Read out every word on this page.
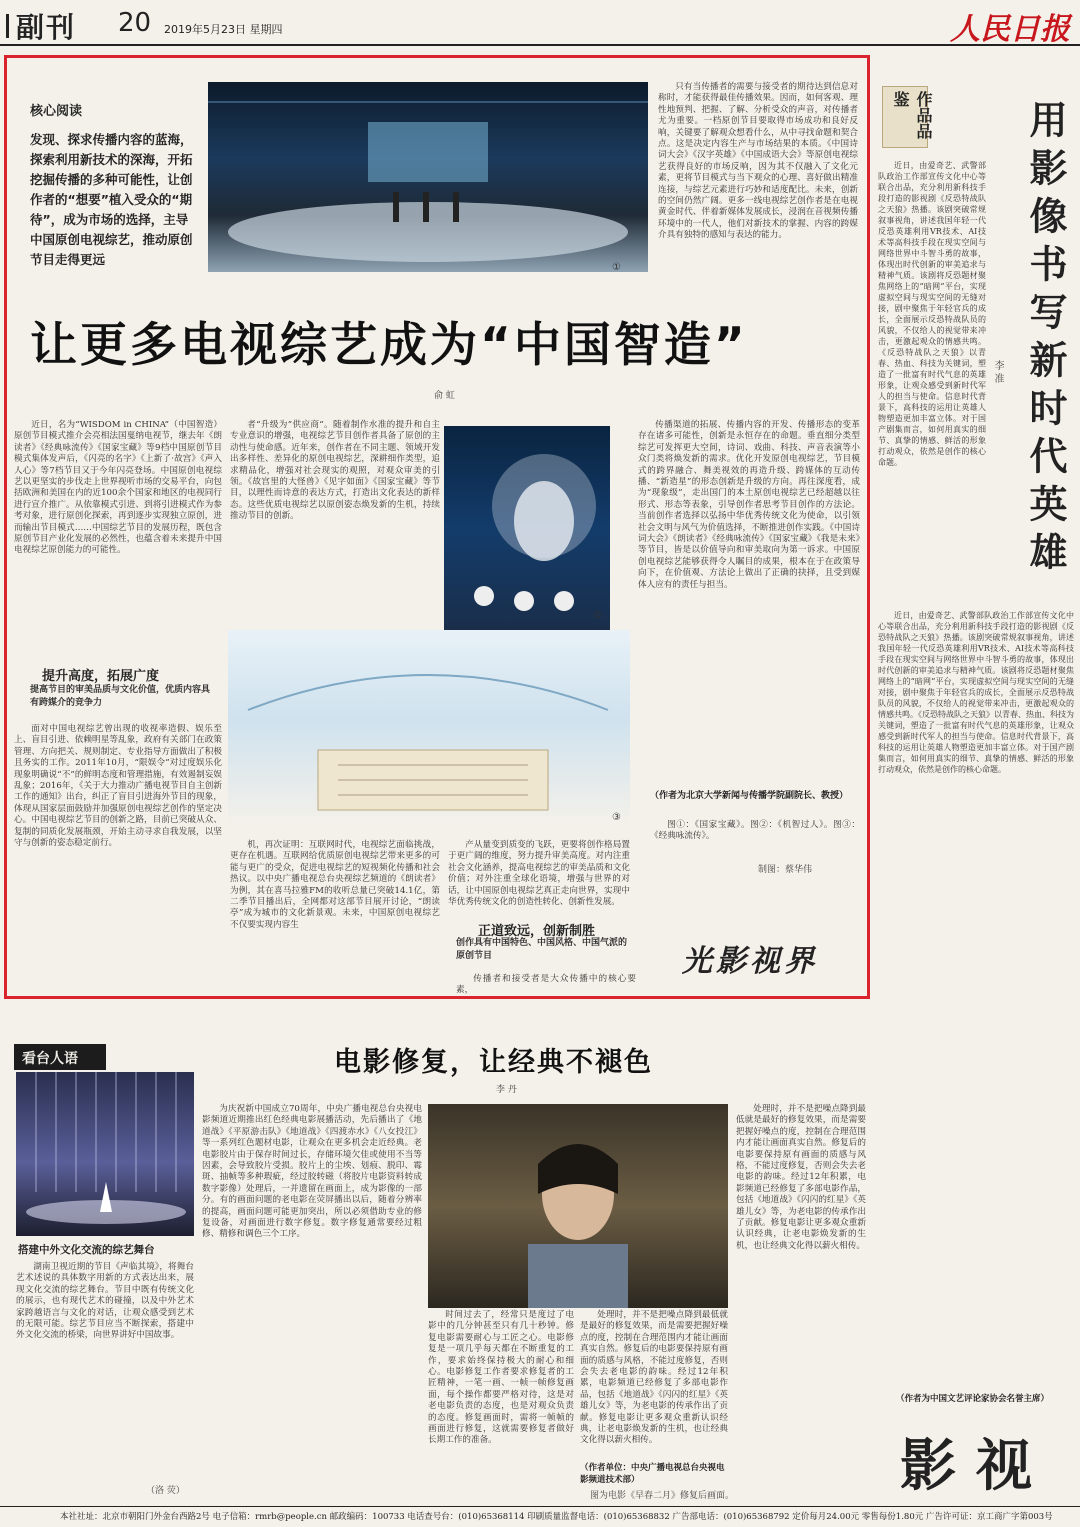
副刊 20 2019年5月23日 星期四	人民日报
核心阅读
发现、探求传播内容的蓝海，探索利用新技术的深海，开拓挖掘传播的多种可能性，让创作者的“想要”植入受众的“期待”，成为市场的选择，主导中国原创电视综艺，推动原创节目走得更远
①

只有当传播者的需要与接受者的期待达到信息对称时，才能获得最佳传播效果。因而，如何客观、理性地预判、把握、了解、分析受众的声音，对传播者尤为重要。一档原创节目要取得市场成功和良好反响，关键要了解观众想看什么，从中寻找命题和契合点。这是决定内容生产与市场结果的本质。《中国诗词大会》《汉字英雄》《中国成语大会》等原创电视综艺获得良好的市场反响，因为其不仅融入了文化元素，更将节目模式与当下观众的心理、喜好做出精准连接，与综艺元素进行巧妙和适度配比。未来，创新的空间仍然广阔。更多一线电视综艺创作者是在电视黄金时代、伴着新媒体发展成长，浸润在音视频传播环境中的一代人，他们对新技术的掌握、内容的跨媒介具有独特的感知与表达的能力。

让更多电视综艺成为“中国智造”
俞 虹

近日，名为“WISDOM in CHINA”（中国智造）原创节目模式推介会亮相法国戛纳电视节，继去年《朗读者》《经典咏流传》《国家宝藏》等9档中国原创节目模式集体发声后，《闪亮的名字》《上新了·故宫》《声入人心》等7档节目又于今年闪亮登场。中国原创电视综艺以更坚实的步伐走上世界视听市场的交易平台，向包括欧洲和美国在内的近100余个国家和地区的电视同行进行宣介推广。从依靠模式引进、到将引进模式作为参考对象，进行原创化探索，再到逐步实现独立原创，进而输出节目模式……中国综艺节目的发展历程，既包含原创节目产业化发展的必然性，也蕴含着未来提升中国电视综艺原创能力的可能性。

提升高度，拓展广度
提高节目的审美品质与文化价值，优质内容具有跨媒介的竞争力

面对中国电视综艺曾出现的收视率造假、娱乐至上、盲目引进、依赖明星等乱象，政府有关部门在政策管理、方向把关、规则制定、专业指导方面做出了积极且务实的工作。2011年10月，“限娱令”对过度娱乐化现象明确说“不”的鲜明态度和管理措施，有效遏制妄娱乱象；2016年，《关于大力推动广播电视节目自主创新工作的通知》出台，纠正了盲目引进海外节目的现象，体现从国家层面鼓励并加强原创电视综艺创作的坚定决心。中国电视综艺节目的创新之路，目前已突破从众、复制的同质化发展瓶颈，开始主动寻求自我发展，以坚守与创新的姿态稳定前行。

者“升级为”供应商“。随着制作水准的提升和自主专业意识的增强，电视综艺节目创作者具备了原创的主动性与使命感。近年来，创作者在不同主题、领域开发出多样性、差异化的原创电视综艺，深耕细作类型，追求精品化，增强对社会现实的观照，对观众审美的引领。《故宫里的大怪兽》《见字如面》《国家宝藏》等节目，以理性而诗意的表达方式，打造出文化表达的新样态。这些优质电视综艺以原创姿态焕发新的生机，持续推动节目的创新。

②
③

传播渠道的拓展、传播内容的开发、传播形态的变革存在诸多可能性，创新是永恒存在的命题。垂直细分类型综艺可发挥更大空间，诗词、戏曲、科技、声音表演等小众门类将焕发新的需求。优化开发原创电视综艺，节目模式的跨界融合、舞美视效的再造升级、跨媒体的互动传播、“新造星”的形态创新是升级的方向。再往深度看，成为“现象级”，走出国门的本土原创电视综艺已经超越以往形式、形态等表象，引导创作者思考节目创作的方法论。当前创作者选择以弘扬中华优秀传统文化为使命，以引领社会文明与风气为价值选择，不断推进创作实践。《中国诗词大会》《朗读者》《经典咏流传》《国家宝藏》《我是未来》等节目，皆是以价值导向和审美取向为第一诉求。中国原创电视综艺能够获得令人瞩目的成果，根本在于在政策导向下，在价值观、方法论上做出了正确的抉择，且受到媒体人应有的责任与担当。

（作者为北京大学新闻与传播学院副院长、教授）
图①：《国家宝藏》。图②：《机智过人》。图③：《经典咏流传》。
制图：蔡华伟

机，再次证明：互联网时代，电视综艺面临挑战，更存在机遇。互联网给优质原创电视综艺带来更多的可能与更广的受众，促进电视综艺的短视频化传播和社会热议。以中央广播电视总台央视综艺频道的《朗读者》为例，其在喜马拉雅FM的收听总量已突破14.1亿，第二季节目播出后，全网都对这部节目展开讨论，“朗读亭”成为城市的文化新景观。未来，中国原创电视综艺不仅要实现内容生

产从量变到质变的飞跃，更要将创作格局置于更广阔的维度，努力提升审美高度。对内注重社会文化涵养，提高电视综艺的审美品质和文化价值；对外注重全球化语境，增强与世界的对话，让中国原创电视综艺真正走向世界，实现中华优秀传统文化的创造性转化、创新性发展。

正道致远，创新制胜
创作具有中国特色、中国风格、中国气派的原创节目

传播者和接受者是大众传播中的核心要素，

光影视界
作品品鉴
用影像书写新时代英雄
李 准

近日，由爱奇艺、武警部队政治工作部宣传文化中心等联合出品，充分利用新科技手段打造的影视剧《反恐特战队之天狼》热播。该剧突破常规叙事视角，讲述我国年轻一代反恐英雄利用VR技术、AI技术等高科技手段在现实空间与网络世界中斗智斗勇的故事，体现出时代创新的审美追求与精神气质。该剧将反恐题材聚焦网络上的“暗网”平台，实现虚拟空间与现实空间的无缝对接，剧中聚焦于年轻官兵的成长，全面展示反恐特战队员的风貌，不仅给人的视觉带来冲击，更激起观众的情感共鸣。《反恐特战队之天狼》以青春、热血、科技为关键词，塑造了一批富有时代气息的英雄形象，让观众感受到新时代军人的担当与使命。信息时代背景下，高科技的运用让英雄人物塑造更加丰富立体。对于国产剧集而言，如何用真实的细节、真挚的情感、鲜活的形象打动观众，依然是创作的核心命题。

近日，由爱奇艺、武警部队政治工作部宣传文化中心等联合出品，充分利用新科技手段打造的影视剧《反恐特战队之天狼》热播。该剧突破常规叙事视角，讲述我国年轻一代反恐英雄利用VR技术、AI技术等高科技手段在现实空间与网络世界中斗智斗勇的故事，体现出时代创新的审美追求与精神气质。该剧将反恐题材聚焦网络上的“暗网”平台，实现虚拟空间与现实空间的无缝对接，剧中聚焦于年轻官兵的成长，全面展示反恐特战队员的风貌，不仅给人的视觉带来冲击，更激起观众的情感共鸣。《反恐特战队之天狼》以青春、热血、科技为关键词，塑造了一批富有时代气息的英雄形象，让观众感受到新时代军人的担当与使命。信息时代背景下，高科技的运用让英雄人物塑造更加丰富立体。对于国产剧集而言，如何用真实的细节、真挚的情感、鲜活的形象打动观众，依然是创作的核心命题。

（作者为中国文艺评论家协会名誉主席）
影视
看台人语
搭建中外文化交流的综艺舞台

湖南卫视近期的节目《声临其境》，将舞台艺术述说的具体数字用新的方式表达出来，展现文化交流的综艺舞台。节目中既有传统文化的展示，也有现代艺术的碰撞，以及中外艺术家跨越语言与文化的对话，让观众感受到艺术的无限可能。综艺节目应当不断探索，搭建中外文化交流的桥梁，向世界讲好中国故事。

（洛 荧）
电影修复，让经典不褪色
李 丹

为庆祝新中国成立70周年，中央广播电视总台央视电影频道近期推出红色经典电影展播活动，先后播出了《地道战》《平原游击队》《地道战》《四渡赤水》《八女投江》等一系列红色题材电影，让观众在更多机会走近经典。老电影胶片由于保存时间过长，存储环境欠佳或使用不当等因素，会导致胶片受损。胶片上的尘埃、划痕、脱印、霉斑、抽帧等多种瑕疵，经过胶转磁（将胶片电影资料转成数字影像）处理后，一并遗留在画面上，成为影像的一部分。有的画面问题的老电影在荧屏播出以后，随着分辨率的提高，画面问题可能更加突出，所以必须借助专业的修复设备，对画面进行数字修复。数字修复通常要经过粗修、精修和调色三个工序。

时间过去了，经常只是度过了电影中的几分钟甚至只有几十秒钟。修复电影需要耐心与工匠之心。电影修复是一项几乎每天都在不断重复的工作，要求始终保持极大的耐心和细心。电影修复工作者要求修复者的工匠精神，一笔一画、一帧一帧修复画面，每个操作都要严格对待，这是对老电影负责的态度，也是对观众负责的态度。修复画面时，需将一帧帧的画面进行修复，这就需要修复者做好长期工作的准备。

处理时，并不是把噪点降到最低就是最好的修复效果，而是需要把握好噪点的度，控制在合理范围内才能让画面真实自然。修复后的电影要保持原有画面的质感与风格，不能过度修复，否则会失去老电影的韵味。经过12年积累，电影频道已经修复了多部电影作品，包括《地道战》《闪闪的红星》《英雄儿女》等，为老电影的传承作出了贡献。修复电影让更多观众重新认识经典，让老电影焕发新的生机，也让经典文化得以薪火相传。

处理时，并不是把噪点降到最低就是最好的修复效果，而是需要把握好噪点的度，控制在合理范围内才能让画面真实自然。修复后的电影要保持原有画面的质感与风格，不能过度修复，否则会失去老电影的韵味。经过12年积累，电影频道已经修复了多部电影作品，包括《地道战》《闪闪的红星》《英雄儿女》等，为老电影的传承作出了贡献。修复电影让更多观众重新认识经典，让老电影焕发新的生机，也让经典文化得以薪火相传。

（作者单位：中央广播电视总台央视电影频道技术部）
图为电影《早春二月》修复后画面。
本社社址：北京市朝阳门外金台西路2号 电子信箱：rmrb@people.cn 邮政编码：100733 电话查号台：(010)65368114 印刷质量监督电话：(010)65368832 广告部电话：(010)65368792 定价每月24.00元 零售每份1.80元 广告许可证：京工商广字第003号
